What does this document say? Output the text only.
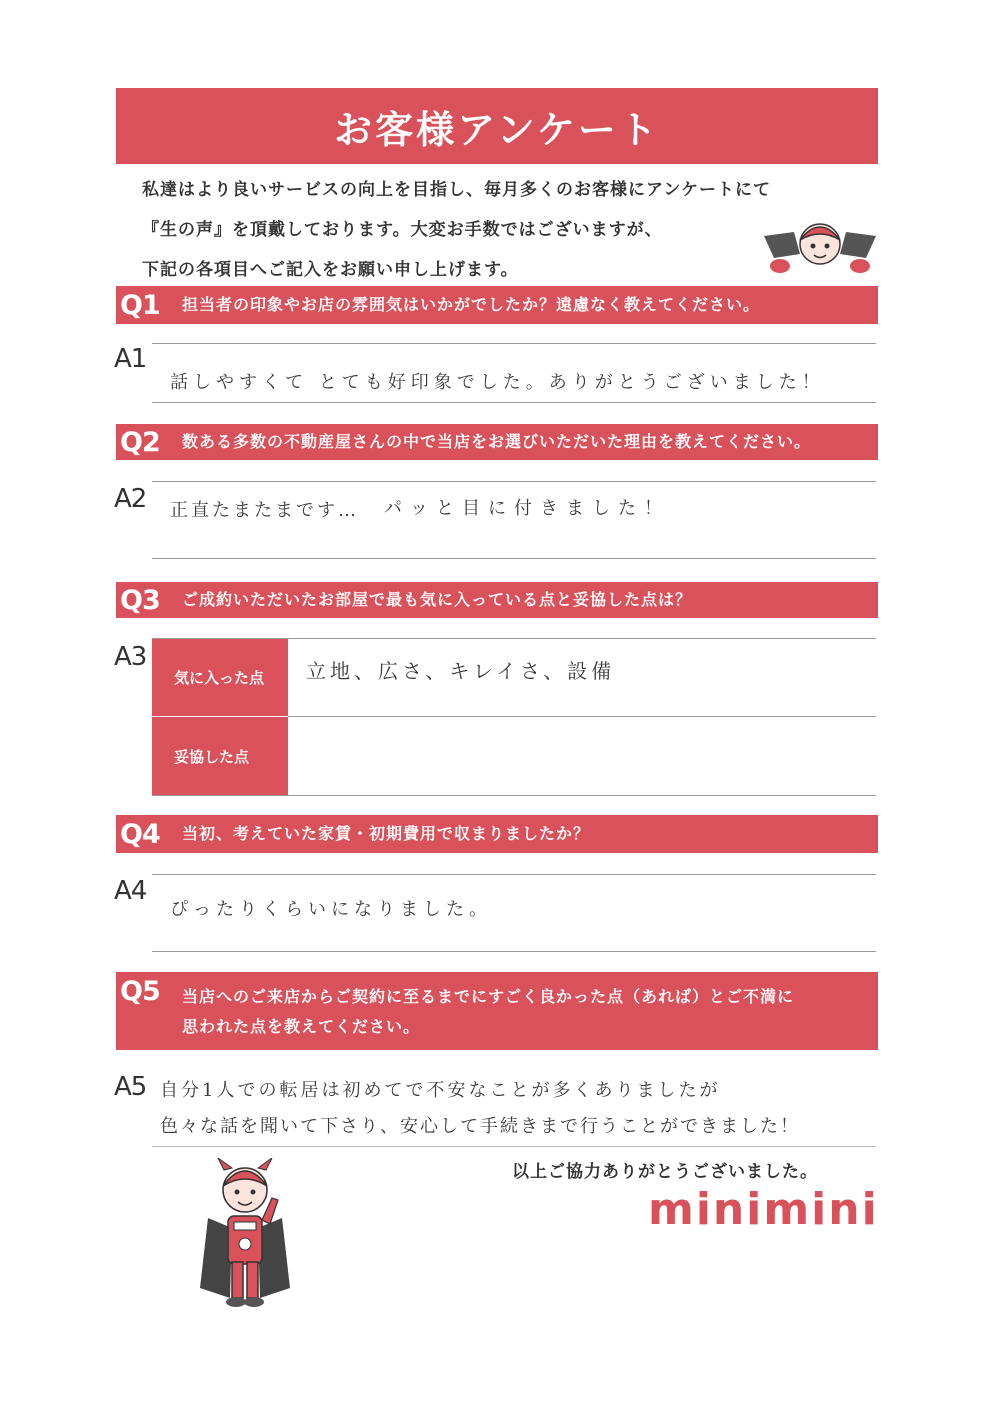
お客様アンケート
私達はより良いサービスの向上を目指し、毎月多くのお客様にアンケートにて
『生の声』を頂戴しております。大変お手数ではございますが、
下記の各項目へご記入をお願い申し上げます。
Q1	担当者の印象やお店の雰囲気はいかがでしたか？遠慮なく教えてください。
A1
話しやすくて とても好印象でした。ありがとうございました！
Q2	数ある多数の不動産屋さんの中で当店をお選びいただいた理由を教えてください。
A2 正直たまたまです… パッと目に付きました！
Q3	ご成約いただいたお部屋で最も気に入っている点と妥協した点は？
A3
気に入った点	立地、広さ、キレイさ、設備
妥協した点
Q4	当初、考えていた家賃・初期費用で収まりましたか？
A4
ぴったりくらいになりました。
Q5	当店へのご来店からご契約に至るまでにすごく良かった点（あれば）とご不満に
思われた点を教えてください。
A5 自分1人での転居は初めてで不安なことが多くありましたが
色々な話を聞いて下さり、安心して手続きまで行うことができました！
以上ご協力ありがとうございました。
minimini
